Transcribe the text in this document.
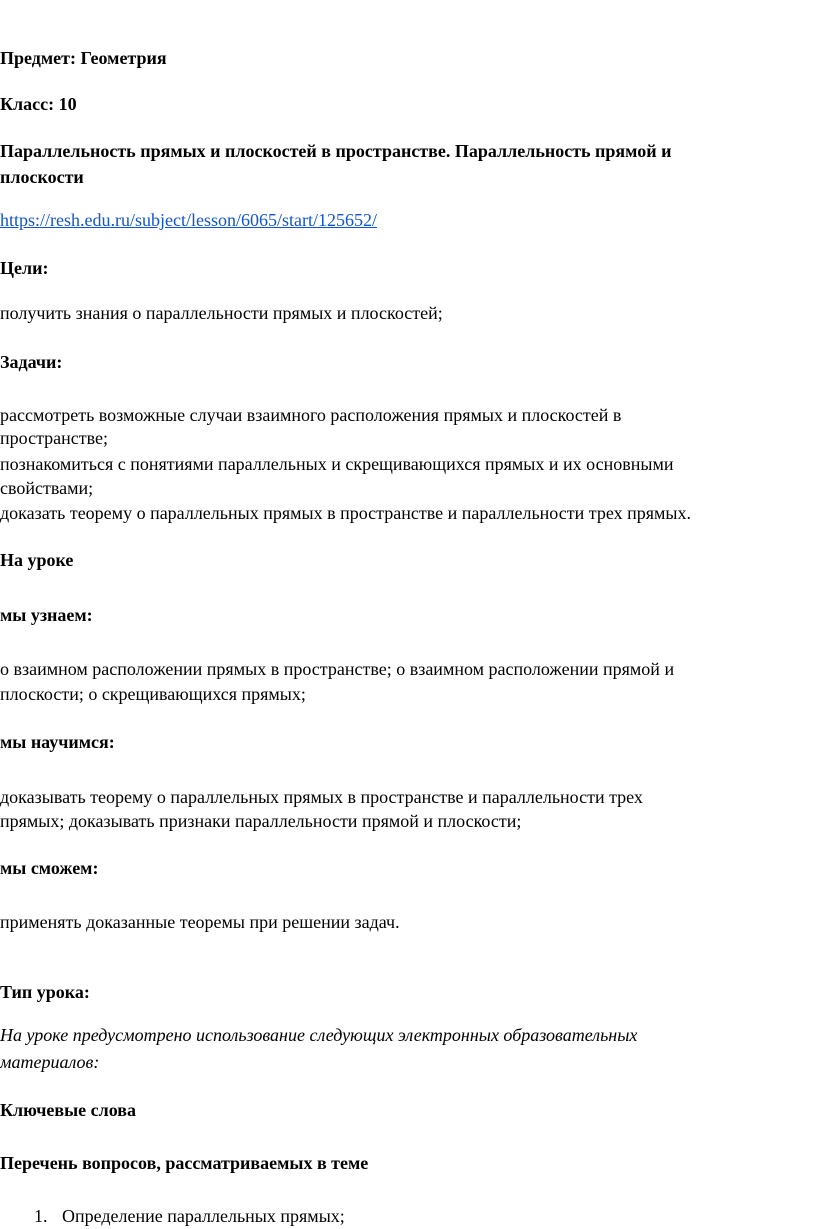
Предмет: Геометрия

Класс: 10

Параллельность прямых и плоскостей в пространстве. Параллельность прямой и

плоскости

https://resh.edu.ru/subject/lesson/6065/start/125652/

Цели:

получить знания о параллельности прямых и плоскостей;

Задачи:

рассмотреть возможные случаи взаимного расположения прямых и плоскостей в

пространстве;

познакомиться с понятиями параллельных и скрещивающихся прямых и их основными

свойствами;

доказать теорему о параллельных прямых в пространстве и параллельности трех прямых.

На уроке

мы узнаем:

о взаимном расположении прямых в пространстве; о взаимном расположении прямой и

плоскости; о скрещивающихся прямых;

мы научимся:

доказывать теорему о параллельных прямых в пространстве и параллельности трех

прямых; доказывать признаки параллельности прямой и плоскости;

мы сможем:

применять доказанные теоремы при решении задач.

Тип урока:

На уроке предусмотрено использование следующих электронных образовательных

материалов:

Ключевые слова

Перечень вопросов, рассматриваемых в теме

1. Определение параллельных прямых;
